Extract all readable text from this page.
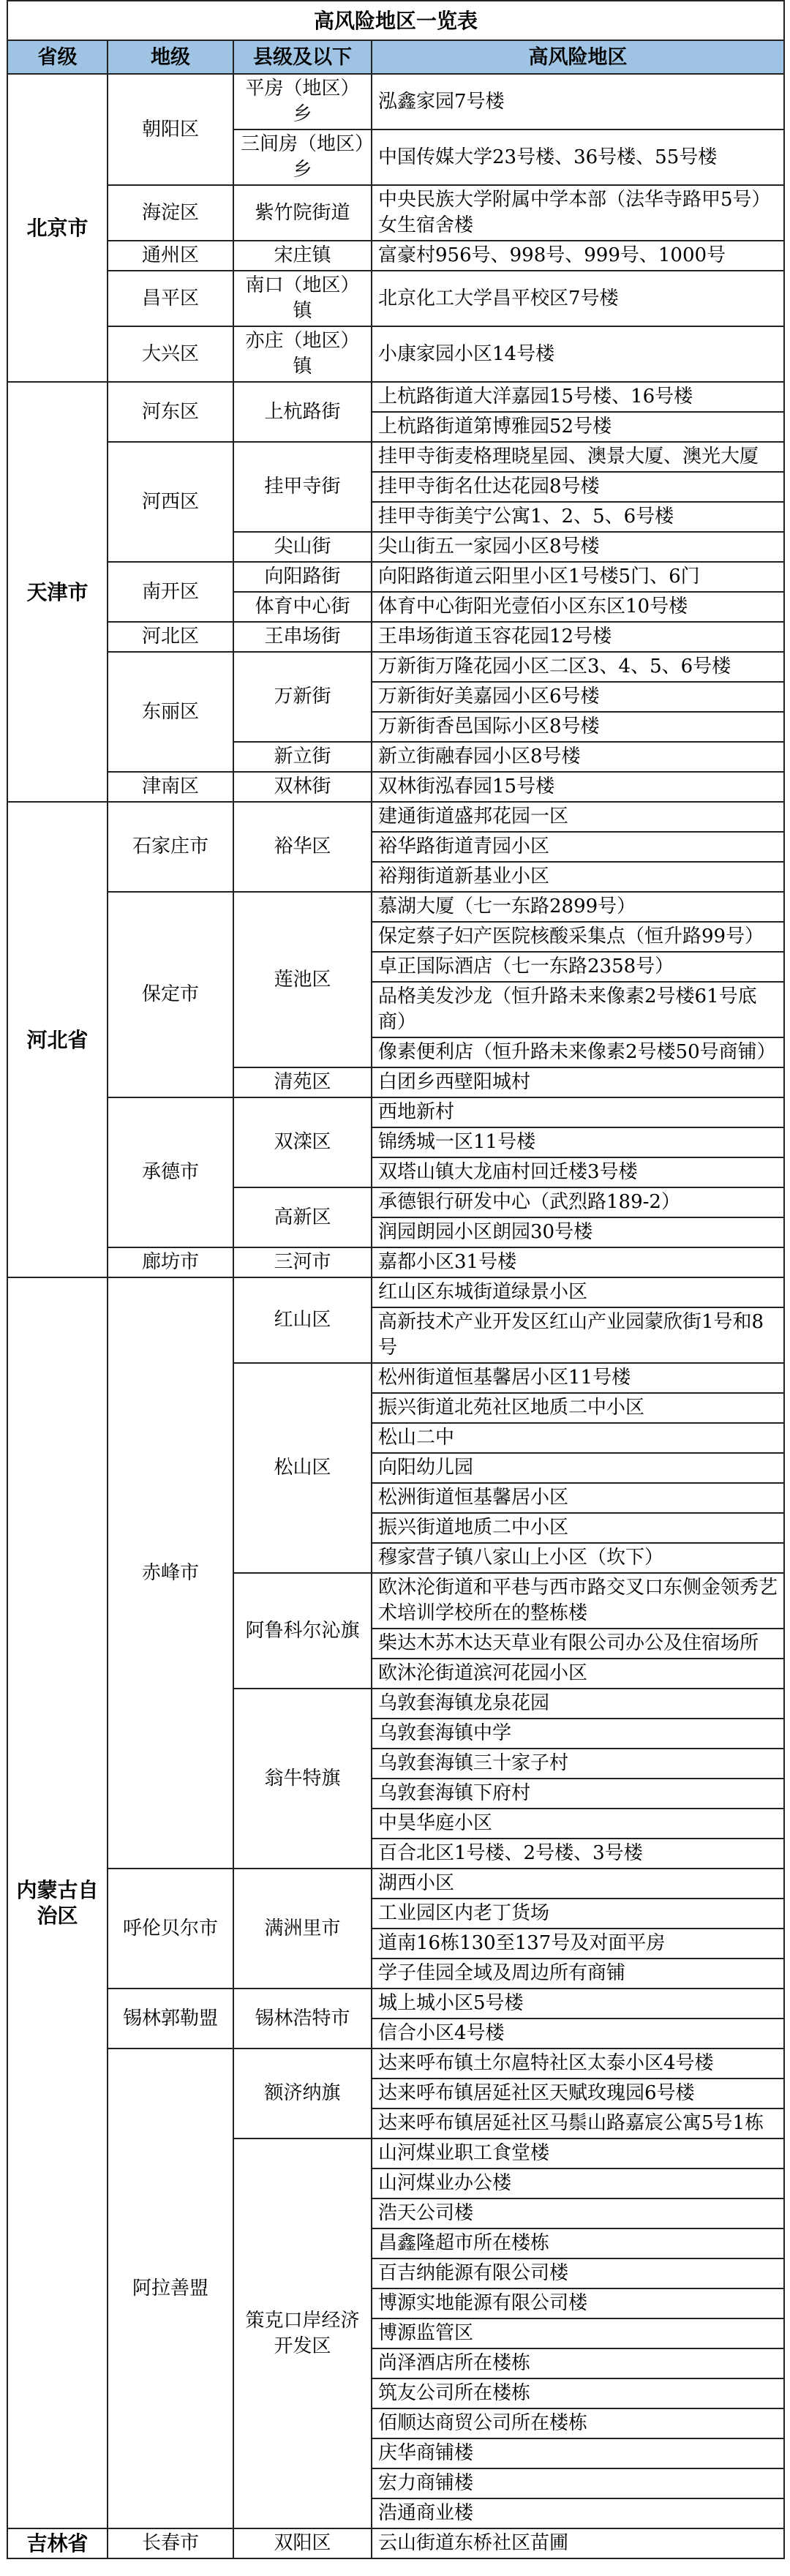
高风险地区一览表			
省级	地级	县级及以下	高风险地区
北京市	朝阳区	平房（地区）乡	泓鑫家园7号楼
		三间房（地区）乡	中国传媒大学23号楼、36号楼、55号楼
	海淀区	紫竹院街道	中央民族大学附属中学本部（法华寺路甲5号）女生宿舍楼
	通州区	宋庄镇	富豪村956号、998号、999号、1000号
	昌平区	南口（地区）镇	北京化工大学昌平校区7号楼
	大兴区	亦庄（地区）镇	小康家园小区14号楼
天津市	河东区	上杭路街	上杭路街道大洋嘉园15号楼、16号楼
			上杭路街道第博雅园52号楼
	河西区	挂甲寺街	挂甲寺街麦格理晓星园、澳景大厦、澳光大厦
			挂甲寺街名仕达花园8号楼
			挂甲寺街美宁公寓1、2、5、6号楼
		尖山街	尖山街五一家园小区8号楼
	南开区	向阳路街	向阳路街道云阳里小区1号楼5门、6门
		体育中心街	体育中心街阳光壹佰小区东区10号楼
	河北区	王串场街	王串场街道玉容花园12号楼
	东丽区	万新街	万新街万隆花园小区二区3、4、5、6号楼
			万新街好美嘉园小区6号楼
			万新街香邑国际小区8号楼
		新立街	新立街融春园小区8号楼
	津南区	双林街	双林街泓春园15号楼
河北省	石家庄市	裕华区	建通街道盛邦花园一区
			裕华路街道青园小区
			裕翔街道新基业小区
	保定市	莲池区	慕湖大厦（七一东路2899号）
			保定蔡子妇产医院核酸采集点（恒升路99号）
			卓正国际酒店（七一东路2358号）
			品格美发沙龙（恒升路未来像素2号楼61号底商）
			像素便利店（恒升路未来像素2号楼50号商铺）
		清苑区	白团乡西壁阳城村
	承德市	双滦区	西地新村
			锦绣城一区11号楼
			双塔山镇大龙庙村回迁楼3号楼
		高新区	承德银行研发中心（武烈路189-2）
			润园朗园小区朗园30号楼
	廊坊市	三河市	嘉都小区31号楼
内蒙古自治区	赤峰市	红山区	红山区东城街道绿景小区
			高新技术产业开发区红山产业园蒙欣街1号和8号
		松山区	松州街道恒基馨居小区11号楼
			振兴街道北苑社区地质二中小区
			松山二中
			向阳幼儿园
			松洲街道恒基馨居小区
			振兴街道地质二中小区
			穆家营子镇八家山上小区（坎下）
		阿鲁科尔沁旗	欧沐沦街道和平巷与西市路交叉口东侧金领秀艺术培训学校所在的整栋楼
			柴达木苏木达天草业有限公司办公及住宿场所
			欧沐沦街道滨河花园小区
		翁牛特旗	乌敦套海镇龙泉花园
			乌敦套海镇中学
			乌敦套海镇三十家子村
			乌敦套海镇下府村
			中昊华庭小区
			百合北区1号楼、2号楼、3号楼
	呼伦贝尔市	满洲里市	湖西小区
			工业园区内老丁货场
			道南16栋130至137号及对面平房
			学子佳园全域及周边所有商铺
	锡林郭勒盟	锡林浩特市	城上城小区5号楼
			信合小区4号楼
	阿拉善盟	额济纳旗	达来呼布镇土尔扈特社区太泰小区4号楼
			达来呼布镇居延社区天赋玫瑰园6号楼
			达来呼布镇居延社区马鬃山路嘉宸公寓5号1栋
		策克口岸经济开发区	山河煤业职工食堂楼
			山河煤业办公楼
			浩天公司楼
			昌鑫隆超市所在楼栋
			百吉纳能源有限公司楼
			博源实地能源有限公司楼
			博源监管区
			尚泽酒店所在楼栋
			筑友公司所在楼栋
			佰顺达商贸公司所在楼栋
			庆华商铺楼
			宏力商铺楼
			浩通商业楼
吉林省	长春市	双阳区	云山街道东桥社区苗圃
